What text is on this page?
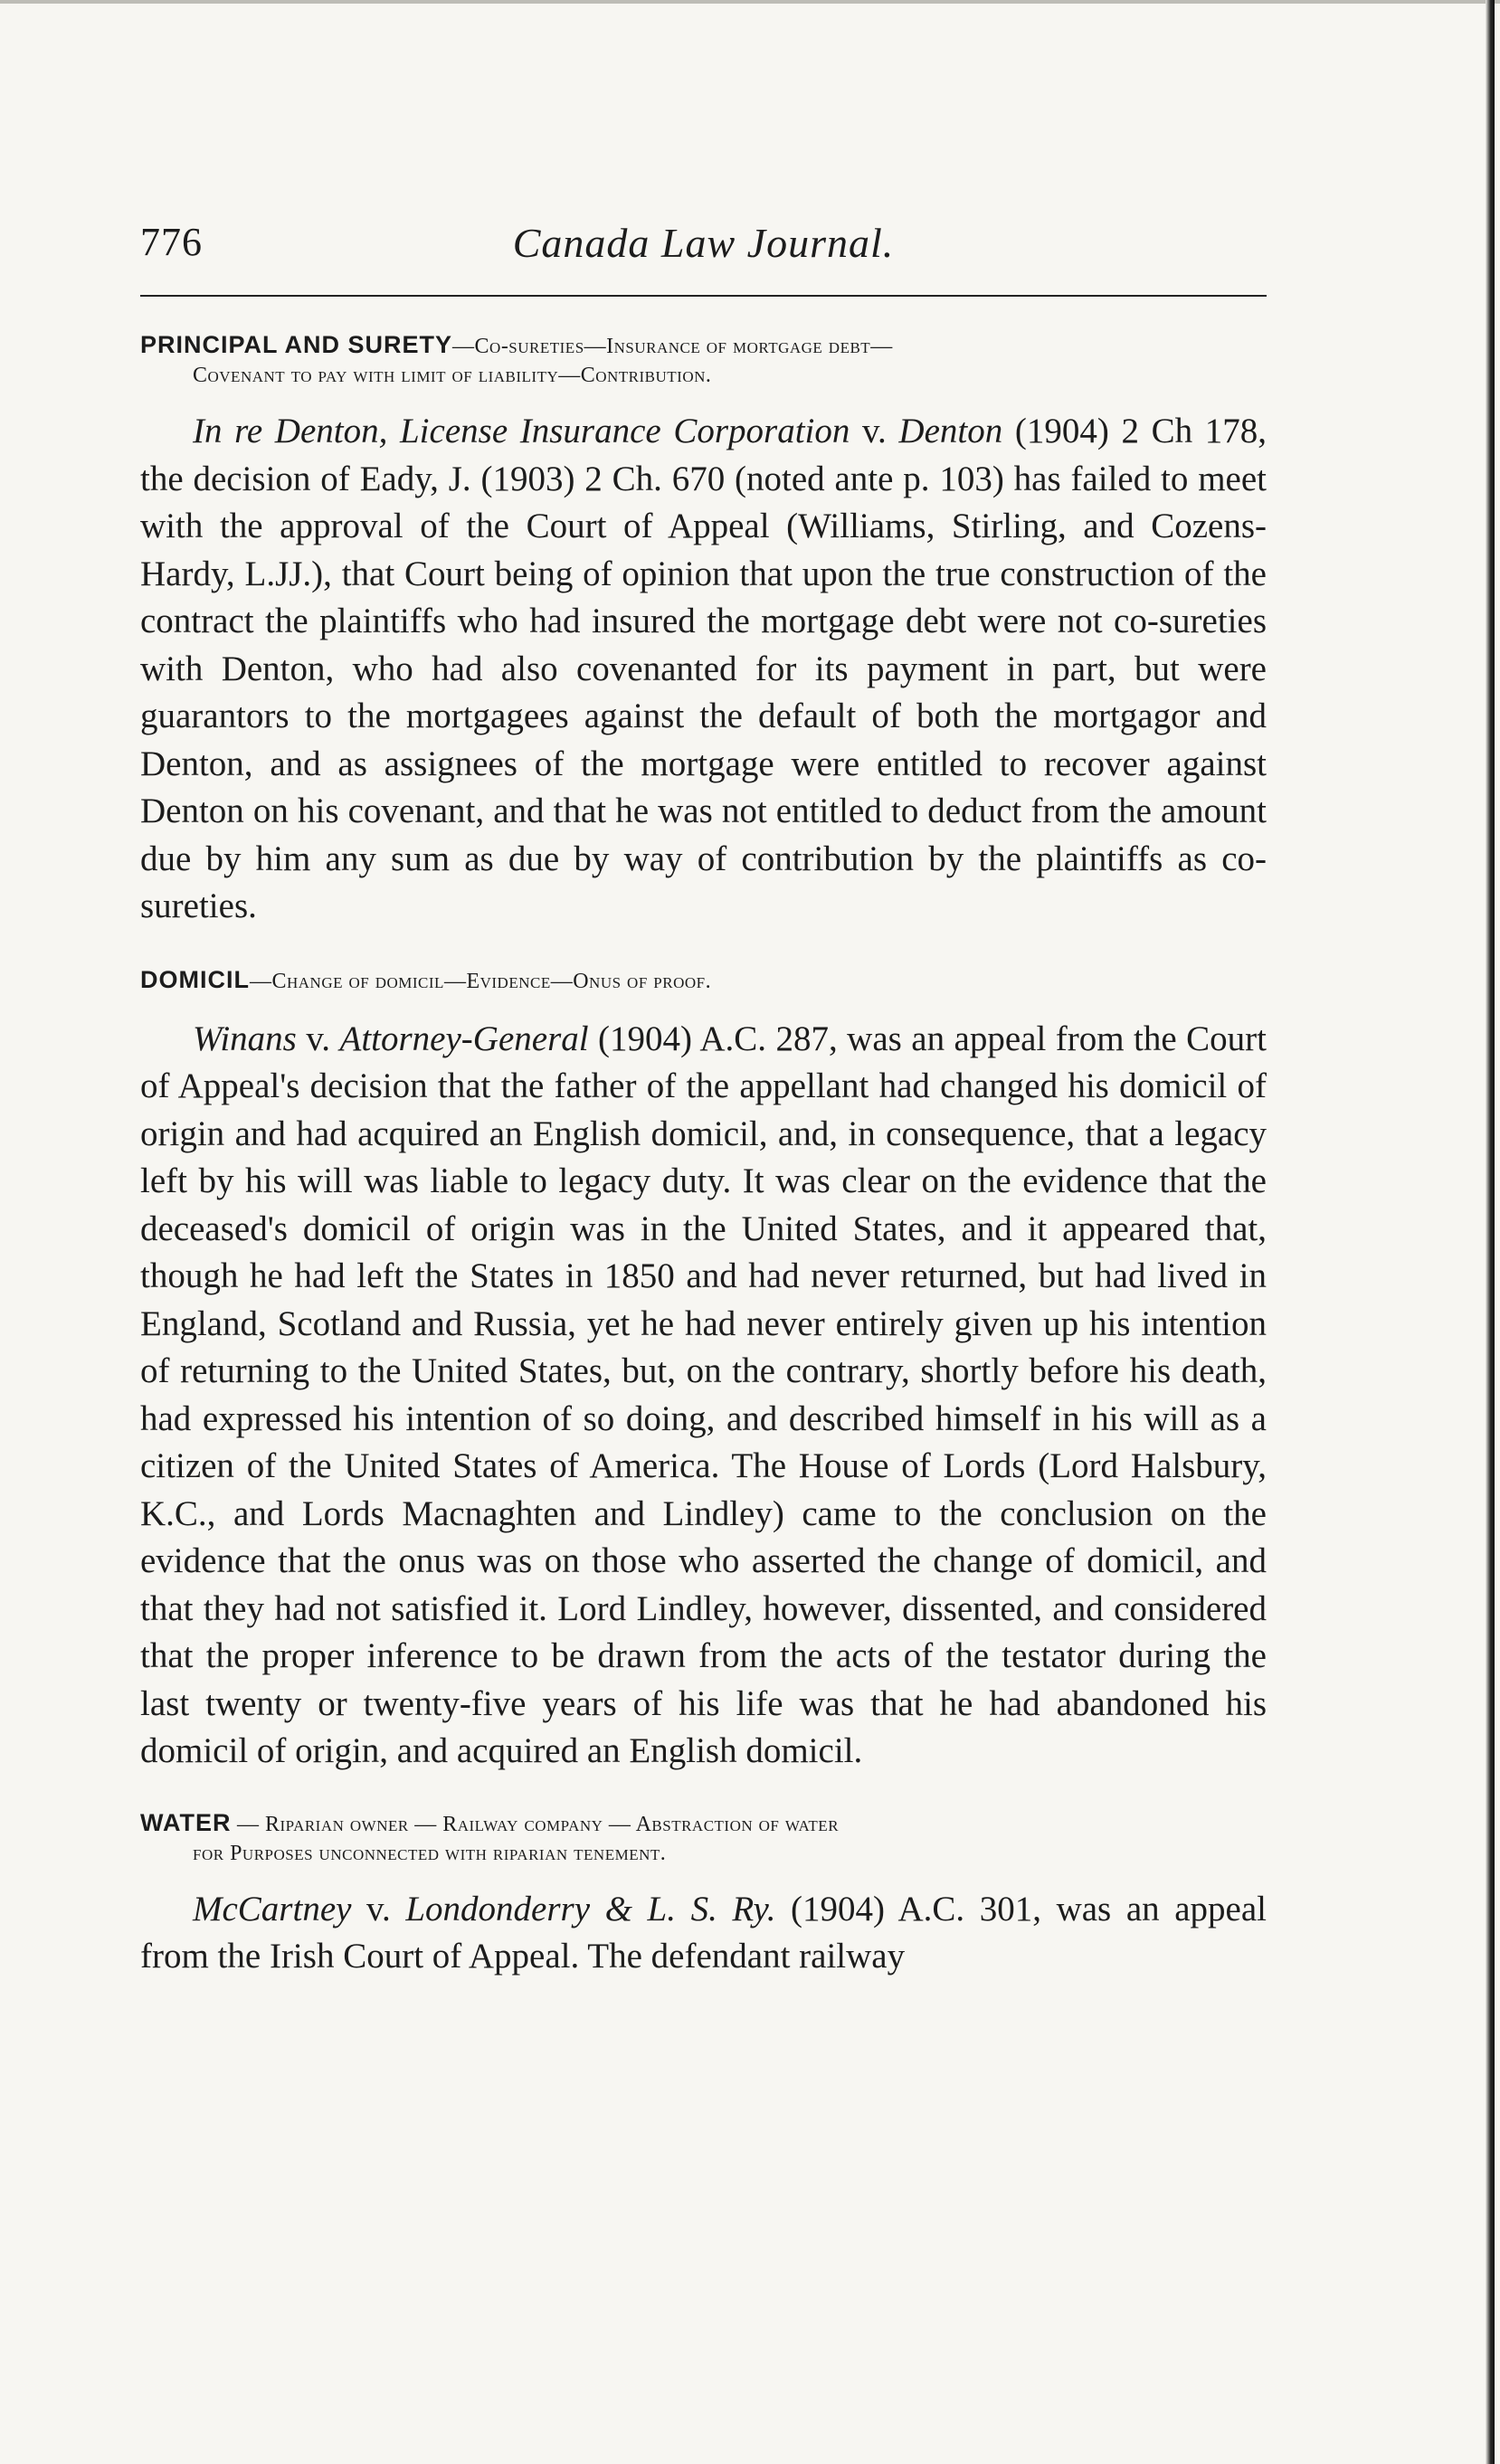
776	Canada Law Journal.
PRINCIPAL AND SURETY—Co-sureties—Insurance of mortgage debt—
Covenant to pay with limit of liability—Contribution.

In re Denton, License Insurance Corporation v. Denton (1904) 2 Ch 178, the decision of Eady, J. (1903) 2 Ch. 670 (noted ante p. 103) has failed to meet with the approval of the Court of Appeal (Williams, Stirling, and Cozens-Hardy, L.JJ.), that Court being of opinion that upon the true construction of the contract the plaintiffs who had insured the mortgage debt were not co-sureties with Denton, who had also covenanted for its payment in part, but were guarantors to the mortgagees against the default of both the mortgagor and Denton, and as assignees of the mortgage were entitled to recover against Denton on his covenant, and that he was not entitled to deduct from the amount due by him any sum as due by way of contribution by the plaintiffs as co-sureties.

DOMICIL—Change of domicil—Evidence—Onus of proof.

Winans v. Attorney-General (1904) A.C. 287, was an appeal from the Court of Appeal's decision that the father of the appellant had changed his domicil of origin and had acquired an English domicil, and, in consequence, that a legacy left by his will was liable to legacy duty. It was clear on the evidence that the deceased's domicil of origin was in the United States, and it appeared that, though he had left the States in 1850 and had never returned, but had lived in England, Scotland and Russia, yet he had never entirely given up his intention of returning to the United States, but, on the contrary, shortly before his death, had expressed his intention of so doing, and described himself in his will as a citizen of the United States of America. The House of Lords (Lord Halsbury, K.C., and Lords Macnaghten and Lindley) came to the conclusion on the evidence that the onus was on those who asserted the change of domicil, and that they had not satisfied it. Lord Lindley, however, dissented, and considered that the proper inference to be drawn from the acts of the testator during the last twenty or twenty-five years of his life was that he had abandoned his domicil of origin, and acquired an English domicil.

WATER — Riparian owner — Railway company — Abstraction of water
for Purposes unconnected with riparian tenement.

McCartney v. Londonderry & L. S. Ry. (1904) A.C. 301, was an appeal from the Irish Court of Appeal. The defendant railway
